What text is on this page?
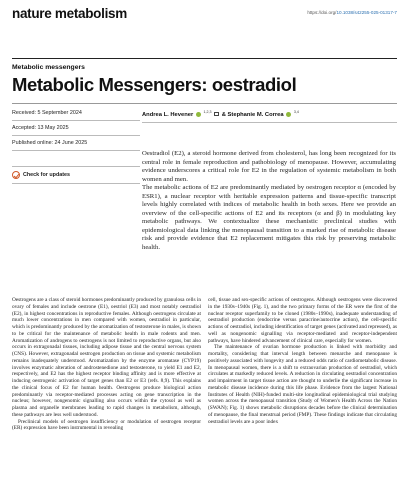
nature metabolism	https://doi.org/10.1038/s42255-025-01317-7
Metabolic messengers
Metabolic Messengers: oestradiol
Received: 5 September 2024
Accepted: 13 May 2025
Published online: 24 June 2025
Check for updates
Andrea L. Hevener	$^{1,2,3}$ & Stephanie M. Correa	$^{3,4}$

Oestradiol (E2), a steroid hormone derived from cholesterol, has long been recognized for its central role in female reproduction and pathobiology of menopause. However, accumulating evidence underscores a critical role for E2 in the regulation of systemic metabolism in both women and men.

The metabolic actions of E2 are predominantly mediated by oestrogen receptor α (encoded by ESR1), a nuclear receptor with heritable expression patterns and tissue-specific transcript levels highly correlated with indices of metabolic health in both sexes. Here we provide an overview of the cell-specific actions of E2 and its receptors (α and β) in modulating key metabolic pathways. We contextualize these mechanistic preclinical studies with epidemiological data linking the menopausal transition to a marked rise of metabolic disease risk and provide evidence that E2 replacement mitigates this risk by preserving metabolic health.

Oestrogens are a class of steroid hormones predominantly produced by granulosa cells in ovary of females and include oestrone (E1), oestriol (E3) and most notably oestradiol (E2), in highest concentrations in reproductive females. Although oestrogens circulate at much lower concentrations in men compared with women, oestradiol in particular, which is predominantly produced by the aromatization of testosterone in males, is shown to be critical for the maintenance of metabolic health in male rodents and men. Aromatization of androgens to oestrogens is not limited to reproductive organs, but also occurs in extragonadal tissues, including adipose tissue and the central nervous system (CNS). However, extragonadal oestrogen production on tissue and systemic metabolism remains inadequately understood. Aromatization by the enzyme aromatase (CYP19) involves enzymatic alteration of androstenedione and testosterone, to yield E1 and E2, respectively, and E2 has the highest receptor binding affinity and is more effective at inducing oestrogenic activation of target genes than E2 or E3 (refs. 8,9). This explains the clinical focus of E2 for human health. Oestrogens produce biological action predominantly via receptor-mediated processes acting on gene transcription in the nucleus; however, nongenomic signalling also occurs within the cytosol as well as plasma and organelle membranes leading to rapid changes in metabolism, although, these pathways are less well understood.

Preclinical models of oestrogen insufficiency or modulation of oestrogen receptor (ER) expression have been instrumental in revealing

cell, tissue and sex-specific actions of oestrogens. Although oestrogens were discovered in the 1930s–1940s (Fig. 1), and the two primary forms of the ER were the first of the nuclear receptor superfamily to be cloned (1980s–1990s), inadequate understanding of oestradiol production (endocrine versus paracrine/autocrine action), the cell-specific actions of oestradiol, including identification of target genes (activated and repressed), as well as nongenomic signalling via receptor-mediated and receptor-independent pathways, have hindered advancement of clinical care, especially for women.

The maintenance of ovarian hormone production is linked with morbidity and mortality, considering that interval length between menarche and menopause is positively associated with longevity and a reduced odds ratio of cardiometabolic disease. In menopausal women, there is a shift to extraovarian production of oestradiol, which circulates at markedly reduced levels. A reduction in circulating oestradiol concentration and impairment in target tissue action are thought to underlie the significant increase in metabolic disease incidence during this life phase. Evidence from the largest National Institutes of Health (NIH)-funded multi-site longitudinal epidemiological trial studying women across the menopausal transition (Study of Women's Health Across the Nation (SWAN); Fig. 1) shows metabolic disruptions decades before the clinical determination of menopause, the final menstrual period (FMP). These findings indicate that circulating oestradiol levels are a poor index
